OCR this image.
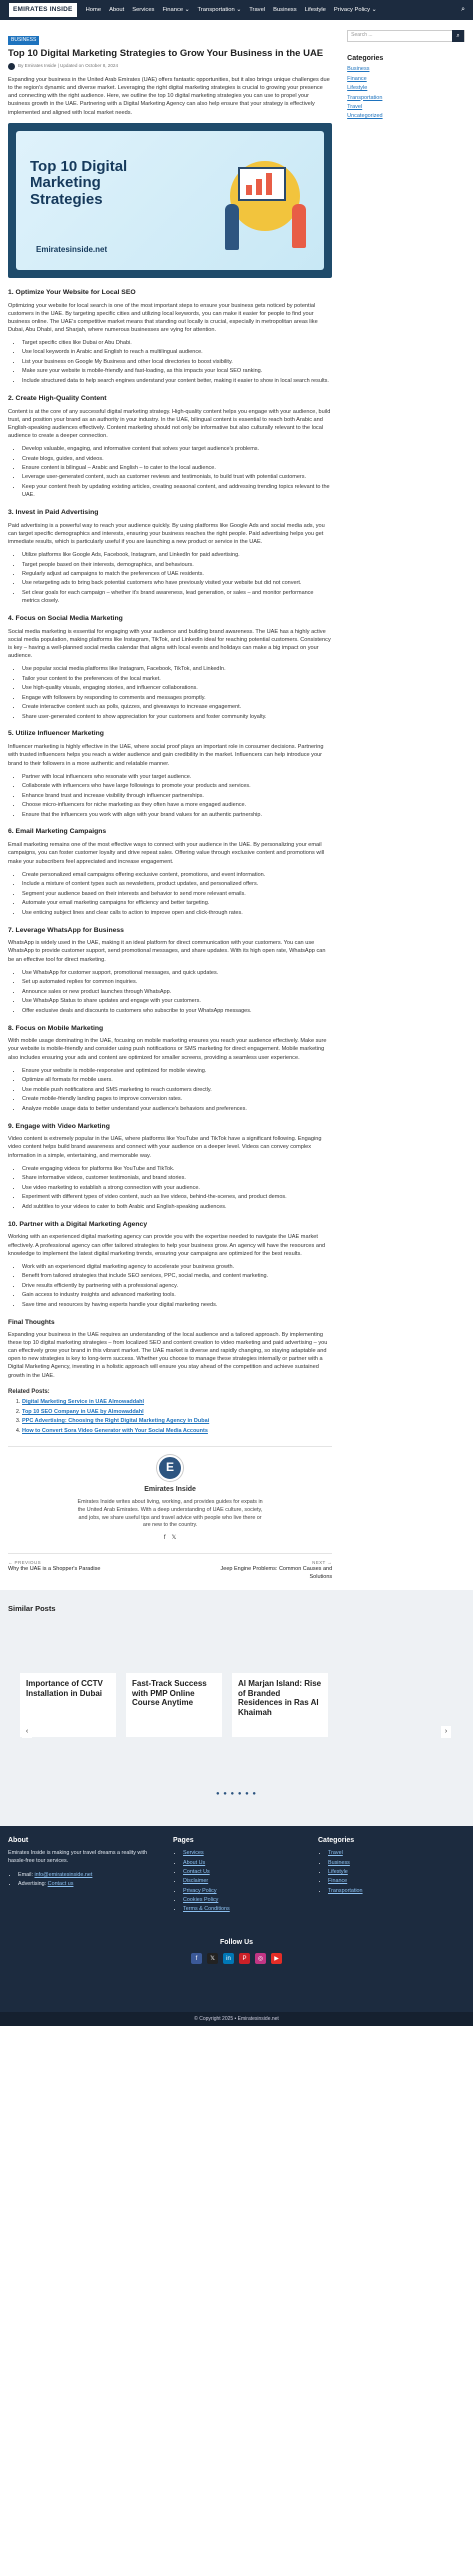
EMIRATES INSIDE	Home About Services Finance ⌄ Transportation ⌄ Travel Business Lifestyle Privacy Policy ⌄	⌕
BUSINESS
Top 10 Digital Marketing Strategies to Grow Your Business in the UAE
By Emirates Inside | Updated on October 8, 2024

Expanding your business in the United Arab Emirates (UAE) offers fantastic opportunities, but it also brings unique challenges due to the region's dynamic and diverse market. Leveraging the right digital marketing strategies is crucial to growing your presence and connecting with the right audience. Here, we outline the top 10 digital marketing strategies you can use to propel your business growth in the UAE. Partnering with a Digital Marketing Agency can also help ensure that your strategy is effectively implemented and aligned with local market needs.

Top 10 Digital Marketing Strategies
Emiratesinside.net
1. Optimize Your Website for Local SEO

Optimizing your website for local search is one of the most important steps to ensure your business gets noticed by potential customers in the UAE. By targeting specific cities and utilizing local keywords, you can make it easier for people to find your business online. The UAE's competitive market means that standing out locally is crucial, especially in metropolitan areas like Dubai, Abu Dhabi, and Sharjah, where numerous businesses are vying for attention.

• Target specific cities like Dubai or Abu Dhabi.
• Use local keywords in Arabic and English to reach a multilingual audience.
• List your business on Google My Business and other local directories to boost visibility.
• Make sure your website is mobile-friendly and fast-loading, as this impacts your local SEO ranking.
• Include structured data to help search engines understand your content better, making it easier to show in local search results.
2. Create High-Quality Content

Content is at the core of any successful digital marketing strategy. High-quality content helps you engage with your audience, build trust, and position your brand as an authority in your industry. In the UAE, bilingual content is essential to reach both Arabic and English-speaking audiences effectively. Content marketing should not only be informative but also culturally relevant to the local audience to create a deeper connection.

• Develop valuable, engaging, and informative content that solves your target audience's problems.
• Create blogs, guides, and videos.
• Ensure content is bilingual – Arabic and English – to cater to the local audience.
• Leverage user-generated content, such as customer reviews and testimonials, to build trust with potential customers.
• Keep your content fresh by updating existing articles, creating seasonal content, and addressing trending topics relevant to the UAE.
3. Invest in Paid Advertising

Paid advertising is a powerful way to reach your audience quickly. By using platforms like Google Ads and social media ads, you can target specific demographics and interests, ensuring your business reaches the right people. Paid advertising helps you get immediate results, which is particularly useful if you are launching a new product or service in the UAE.

• Utilize platforms like Google Ads, Facebook, Instagram, and LinkedIn for paid advertising.
• Target people based on their interests, demographics, and behaviours.
• Regularly adjust ad campaigns to match the preferences of UAE residents.
• Use retargeting ads to bring back potential customers who have previously visited your website but did not convert.
• Set clear goals for each campaign – whether it's brand awareness, lead generation, or sales – and monitor performance metrics closely.
4. Focus on Social Media Marketing

Social media marketing is essential for engaging with your audience and building brand awareness. The UAE has a highly active social media population, making platforms like Instagram, TikTok, and LinkedIn ideal for reaching potential customers. Consistency is key – having a well-planned social media calendar that aligns with local events and holidays can make a big impact on your audience.

• Use popular social media platforms like Instagram, Facebook, TikTok, and LinkedIn.
• Tailor your content to the preferences of the local market.
• Use high-quality visuals, engaging stories, and influencer collaborations.
• Engage with followers by responding to comments and messages promptly.
• Create interactive content such as polls, quizzes, and giveaways to increase engagement.
• Share user-generated content to show appreciation for your customers and foster community loyalty.
5. Utilize Influencer Marketing

Influencer marketing is highly effective in the UAE, where social proof plays an important role in consumer decisions. Partnering with trusted influencers helps you reach a wider audience and gain credibility in the market. Influencers can help introduce your brand to their followers in a more authentic and relatable manner.

• Partner with local influencers who resonate with your target audience.
• Collaborate with influencers who have large followings to promote your products and services.
• Enhance brand trust and increase visibility through influencer partnerships.
• Choose micro-influencers for niche marketing as they often have a more engaged audience.
• Ensure that the influencers you work with align with your brand values for an authentic partnership.
6. Email Marketing Campaigns

Email marketing remains one of the most effective ways to connect with your audience in the UAE. By personalizing your email campaigns, you can foster customer loyalty and drive repeat sales. Offering value through exclusive content and promotions will make your subscribers feel appreciated and increase engagement.

• Create personalized email campaigns offering exclusive content, promotions, and event information.
• Include a mixture of content types such as newsletters, product updates, and personalized offers.
• Segment your audience based on their interests and behavior to send more relevant emails.
• Automate your email marketing campaigns for efficiency and better targeting.
• Use enticing subject lines and clear calls to action to improve open and click-through rates.
7. Leverage WhatsApp for Business

WhatsApp is widely used in the UAE, making it an ideal platform for direct communication with your customers. You can use WhatsApp to provide customer support, send promotional messages, and share updates. With its high open rate, WhatsApp can be an effective tool for direct marketing.

• Use WhatsApp for customer support, promotional messages, and quick updates.
• Set up automated replies for common inquiries.
• Announce sales or new product launches through WhatsApp.
• Use WhatsApp Status to share updates and engage with your customers.
• Offer exclusive deals and discounts to customers who subscribe to your WhatsApp messages.
8. Focus on Mobile Marketing

With mobile usage dominating in the UAE, focusing on mobile marketing ensures you reach your audience effectively. Make sure your website is mobile-friendly and consider using push notifications or SMS marketing for direct engagement. Mobile marketing also includes ensuring your ads and content are optimized for smaller screens, providing a seamless user experience.

• Ensure your website is mobile-responsive and optimized for mobile viewing.
• Optimize all formats for mobile users.
• Use mobile push notifications and SMS marketing to reach customers directly.
• Create mobile-friendly landing pages to improve conversion rates.
• Analyze mobile usage data to better understand your audience's behaviors and preferences.
9. Engage with Video Marketing

Video content is extremely popular in the UAE, where platforms like YouTube and TikTok have a significant following. Engaging video content helps build brand awareness and connect with your audience on a deeper level. Videos can convey complex information in a simple, entertaining, and memorable way.

• Create engaging videos for platforms like YouTube and TikTok.
• Share informative videos, customer testimonials, and brand stories.
• Use video marketing to establish a strong connection with your audience.
• Experiment with different types of video content, such as live videos, behind-the-scenes, and product demos.
• Add subtitles to your videos to cater to both Arabic and English-speaking audiences.
10. Partner with a Digital Marketing Agency

Working with an experienced digital marketing agency can provide you with the expertise needed to navigate the UAE market effectively. A professional agency can offer tailored strategies to help your business grow. An agency will have the resources and knowledge to implement the latest digital marketing trends, ensuring your campaigns are optimized for the best results.

• Work with an experienced digital marketing agency to accelerate your business growth.
• Benefit from tailored strategies that include SEO services, PPC, social media, and content marketing.
• Drive results efficiently by partnering with a professional agency.
• Gain access to industry insights and advanced marketing tools.
• Save time and resources by having experts handle your digital marketing needs.
Final Thoughts

Expanding your business in the UAE requires an understanding of the local audience and a tailored approach. By implementing these top 10 digital marketing strategies – from localized SEO and content creation to video marketing and paid advertising – you can effectively grow your brand in this vibrant market. The UAE market is diverse and rapidly changing, so staying adaptable and open to new strategies is key to long-term success. Whether you choose to manage these strategies internally or partner with a Digital Marketing Agency, investing in a holistic approach will ensure you stay ahead of the competition and achieve sustained growth in the UAE.

Related Posts:
1. Digital Marketing Service in UAE Almowaddahl
2. Top 10 SEO Company in UAE by Almowaddahl
3. PPC Advertising: Choosing the Right Digital Marketing Agency in Dubai
4. How to Convert Sora Video Generator with Your Social Media Accounts
E
Emirates Inside
Emirates Inside writes about living, working, and provides guides for expats in the United Arab Emirates. With a deep understanding of UAE culture, society, and jobs, we share useful tips and travel advice with people who live there or are new to the country.
f 𝕏
← PREVIOUS
Why the UAE is a Shopper's Paradise
NEXT →
Jeep Engine Problems: Common Causes and Solutions
Search ...	⌕
Categories
Business
Finance
Lifestyle
Transportation
Travel
Uncategorized
Similar Posts
‹	›
Importance of CCTV Installation in Dubai
Fast-Track Success with PMP Online Course Anytime
Al Marjan Island: Rise of Branded Residences in Ras Al Khaimah
● ● ● ● ● ●
About

Emirates Inside is making your travel dreams a reality with hassle-free tour services.

• Email: info@emiratesinside.net
• Advertising: Contact us
Pages
• Services
• About Us
• Contact Us
• Disclaimer
• Privacy Policy
• Cookies Policy
• Terms & Conditions
Categories
• Travel
• Business
• Lifestyle
• Finance
• Transportation
Follow Us
f	𝕏	in	P	◎	▶
© Copyright 2025 • Emiratesinside.net
